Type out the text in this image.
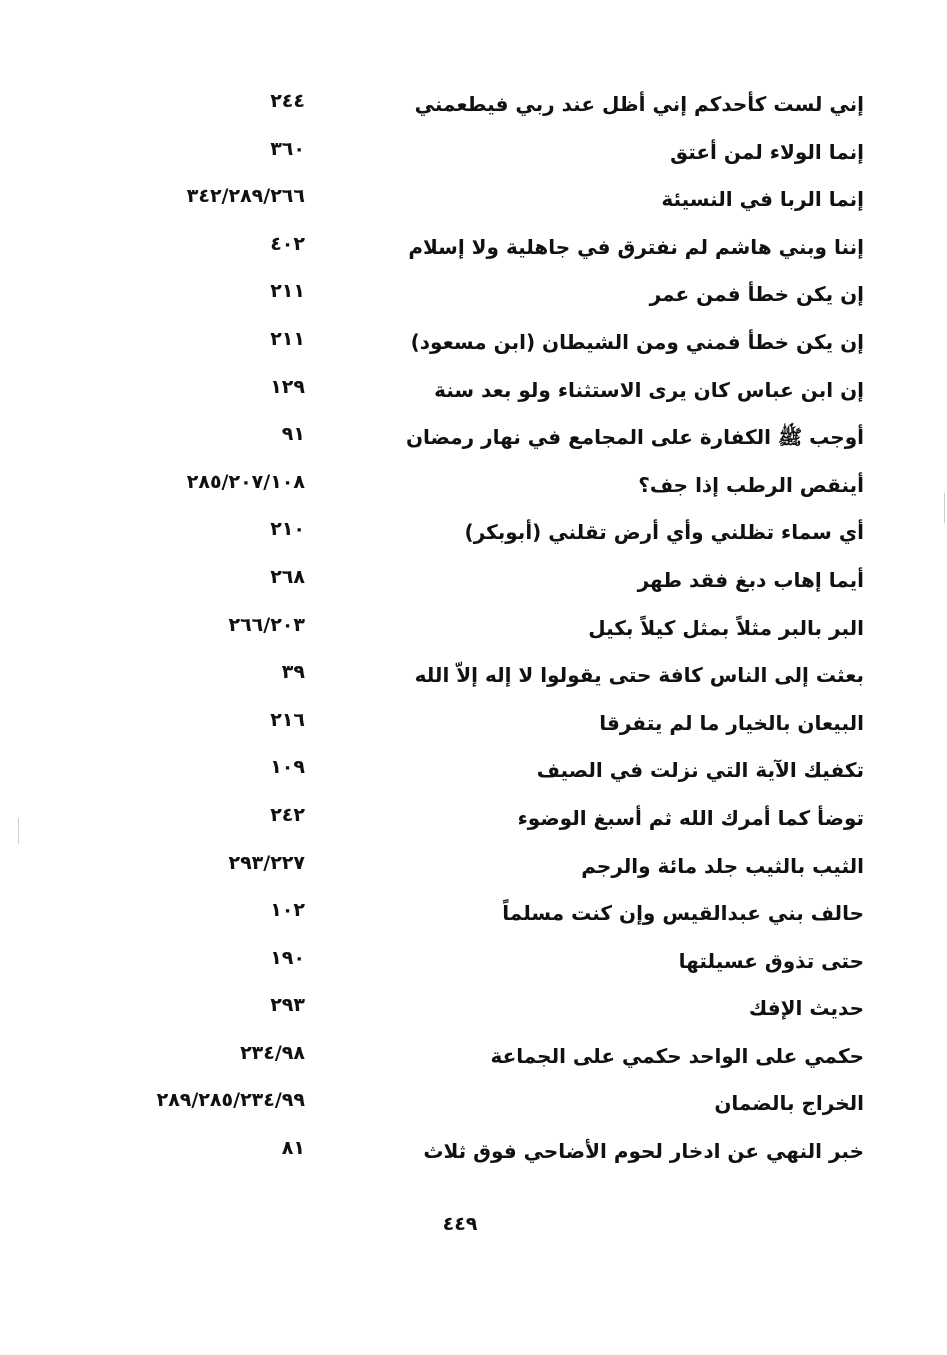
إني لست كأحدكم إني أظل عند ربي فيطعمني
٢٤٤
إنما الولاء لمن أعتق
٣٦٠
إنما الربا في النسيئة
٣٤٢/٢٨٩/٢٦٦
إننا وبني هاشم لم نفترق في جاهلية ولا إسلام
٤٠٢
إن يكن خطأ فمن عمر
٢١١
إن يكن خطأ فمني ومن الشيطان (ابن مسعود)
٢١١
إن ابن عباس كان يرى الاستثناء ولو بعد سنة
١٢٩
أوجب ﷺ الكفارة على المجامع في نهار رمضان
٩١
أينقص الرطب إذا جف؟
٢٨٥/٢٠٧/١٠٨
أي سماء تظلني وأي أرض تقلني (أبوبكر)
٢١٠
أيما إهاب دبغ فقد طهر
٢٦٨
البر بالبر مثلاً بمثل كيلاً بكيل
٢٦٦/٢٠٣
بعثت إلى الناس كافة حتى يقولوا لا إله إلاّ الله
٣٩
البيعان بالخيار ما لم يتفرقا
٢١٦
تكفيك الآية التي نزلت في الصيف
١٠٩
توضأ كما أمرك الله ثم أسبغ الوضوء
٢٤٢
الثيب بالثيب جلد مائة والرجم
٢٩٣/٢٢٧
حالف بني عبدالقيس وإن كنت مسلماً
١٠٢
حتى تذوق عسيلتها
١٩٠
حديث الإفك
٢٩٣
حكمي على الواحد حكمي على الجماعة
٢٣٤/٩٨
الخراج بالضمان
٢٨٩/٢٨٥/٢٣٤/٩٩
خبر النهي عن ادخار لحوم الأضاحي فوق ثلاث
٨١
٤٤٩
